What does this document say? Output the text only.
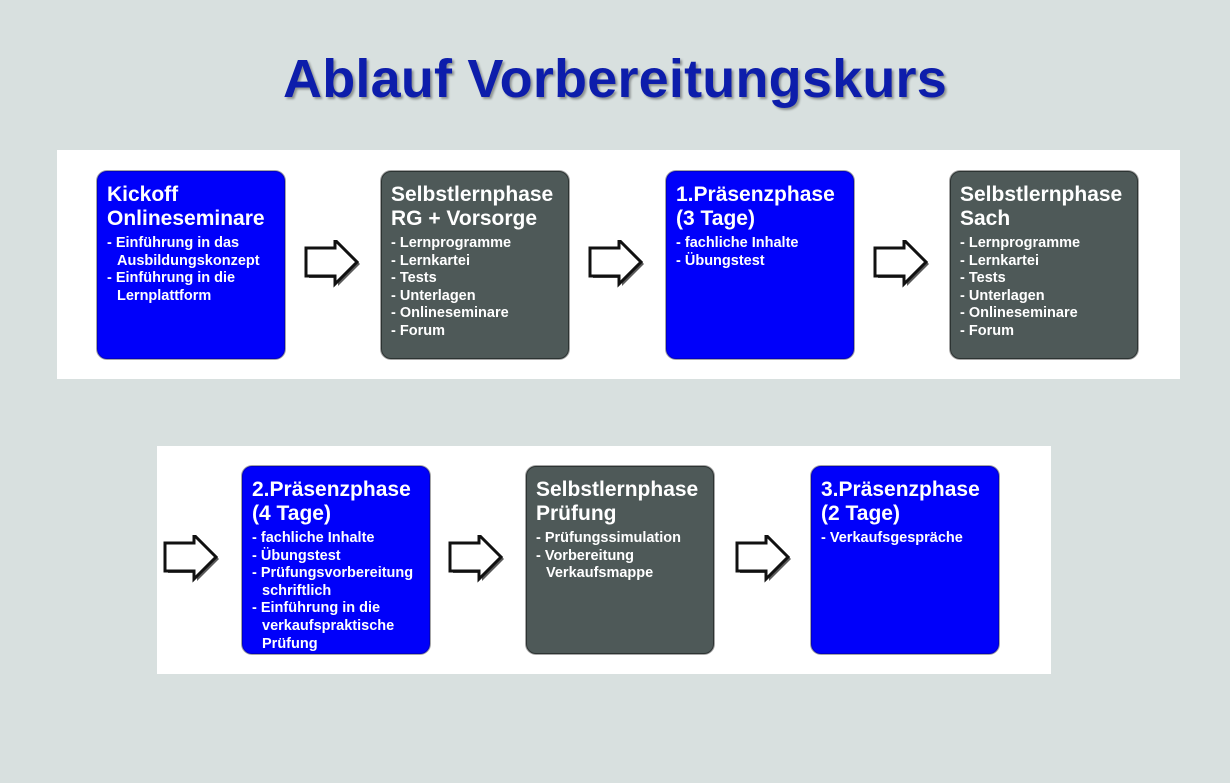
Ablauf Vorbereitungskurs
Kickoff
Onlineseminare
- Einführung in das Ausbildungskonzept
- Einführung in die Lernplattform
Selbstlernphase
RG + Vorsorge
- Lernprogramme
- Lernkartei
- Tests
- Unterlagen
- Onlineseminare
- Forum
1.Präsenzphase
(3 Tage)
- fachliche Inhalte
- Übungstest
Selbstlernphase
Sach
- Lernprogramme
- Lernkartei
- Tests
- Unterlagen
- Onlineseminare
- Forum
2.Präsenzphase
(4 Tage)
- fachliche Inhalte
- Übungstest
- Prüfungsvorbereitung schriftlich
- Einführung in die verkaufspraktische Prüfung
Selbstlernphase
Prüfung
- Prüfungssimulation
- Vorbereitung Verkaufsmappe
3.Präsenzphase
(2 Tage)
- Verkaufsgespräche
